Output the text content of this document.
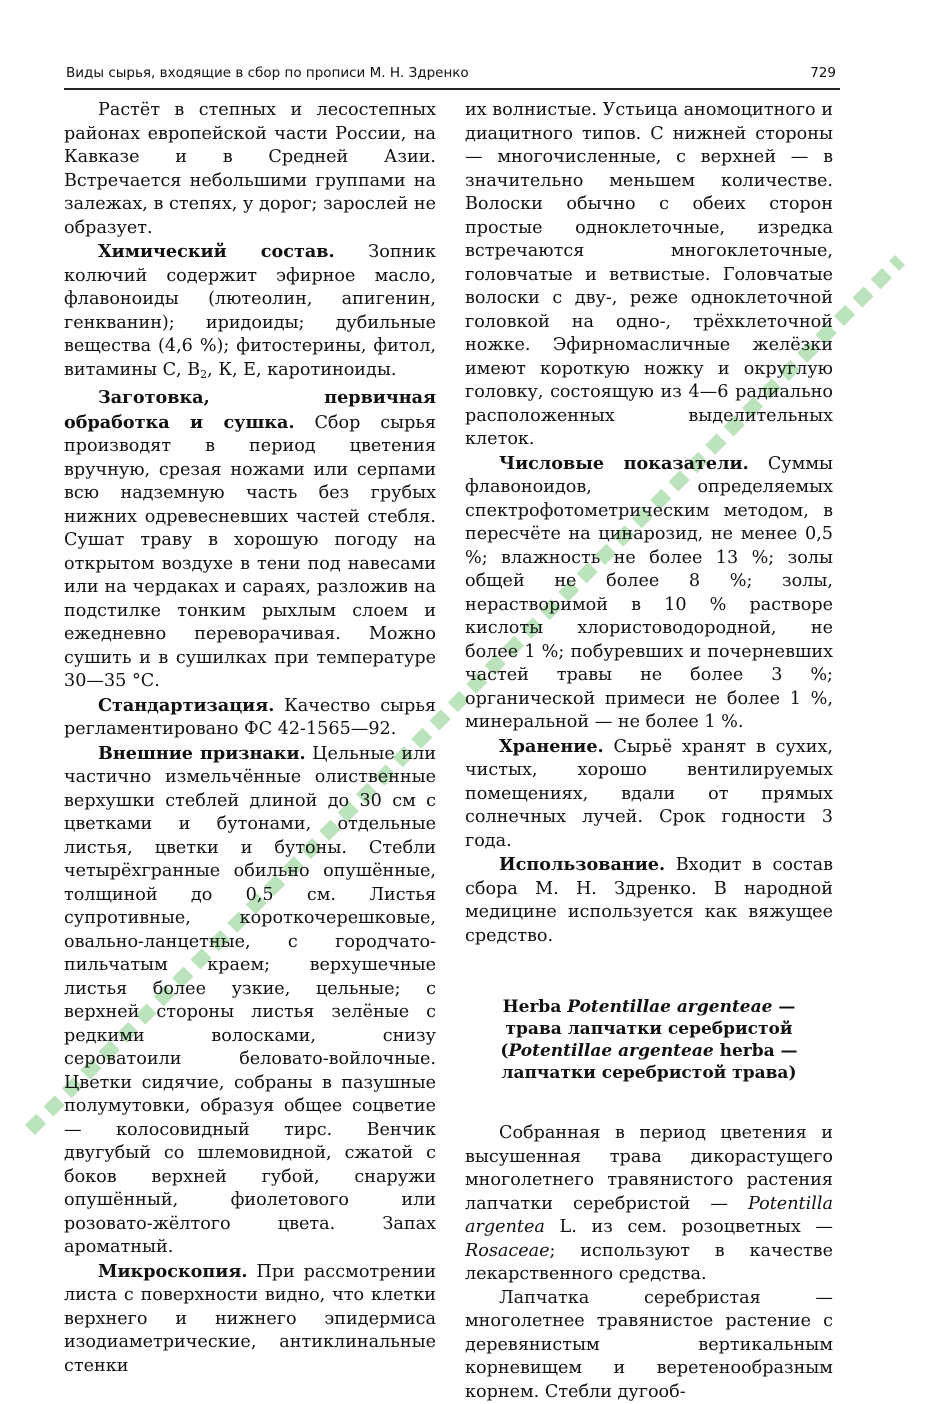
Виды сырья, входящие в сбор по прописи М. Н. Здренко	729

Растёт в степных и лесостепных районах европейской части России, на Кавказе и в Средней Азии. Встречается небольшими группами на залежах, в степях, у дорог; зарослей не образует.

Химический состав. Зопник колючий содержит эфирное масло, флавоноиды (лютеолин, апигенин, генкванин); иридоиды; дубильные вещества (4,6 %); фитостерины, фитол, витамины С, $В_2$, К, Е, каротиноиды.

Заготовка, первичная обработка и сушка. Сбор сырья производят в период цветения вручную, срезая ножами или серпами всю надземную часть без грубых нижних одревесневших частей стебля. Сушат траву в хорошую погоду на открытом воздухе в тени под навесами или на чердаках и сараях, разложив на подстилке тонким рыхлым слоем и ежедневно переворачивая. Можно сушить и в сушилках при температуре 30—35 °С.

Стандартизация. Качество сырья регламентировано ФС 42-1565—92.

Внешние признаки. Цельные или частично измельчённые олиственные верхушки стеблей длиной до 30 см с цветками и бутонами, отдельные листья, цветки и бутоны. Стебли четырёхгранные обильно опушённые, толщиной до 0,5 см. Листья супротивные, короткочерешковые, овально-ланцетные, с городчато-пильчатым краем; верхушечные листья более узкие, цельные; с верхней стороны листья зелёные с редкими волосками, снизу сероватоили беловато-войлочные. Цветки сидячие, собраны в пазушные полумутовки, образуя общее соцветие — колосовидный тирс. Венчик двугубый со шлемовидной, сжатой с боков верхней губой, снаружи опушённый, фиолетового или розовато-жёлтого цвета. Запах ароматный.

Микроскопия. При рассмотрении листа с поверхности видно, что клетки верхнего и нижнего эпидермиса изодиаметрические, антиклинальные стенки

их волнистые. Устьица аномоцитного и диацитного типов. С нижней стороны — многочисленные, с верхней — в значительно меньшем количестве. Волоски обычно с обеих сторон простые одноклеточные, изредка встречаются многоклеточные, головчатые и ветвистые. Головчатые волоски с дву-, реже одноклеточной головкой на одно-, трёхклеточной ножке. Эфирномасличные желёзки имеют короткую ножку и округлую головку, состоящую из 4—6 радиально расположенных выделительных клеток.

Числовые показатели. Суммы флавоноидов, определяемых спектрофотометрическим методом, в пересчёте на цинарозид, не менее 0,5 %; влажность не более 13 %; золы общей не более 8 %; золы, нерастворимой в 10 % растворе кислоты хлористоводородной, не более 1 %; побуревших и почерневших частей травы не более 3 %; органической примеси не более 1 %, минеральной — не более 1 %.

Хранение. Сырьё хранят в сухих, чистых, хорошо вентилируемых помещениях, вдали от прямых солнечных лучей. Срок годности 3 года.

Использование. Входит в состав сбора М. Н. Здренко. В народной медицине используется как вяжущее средство.

Herba Potentillae argenteae — трава лапчатки серебристой (Potentillae argenteae herba — лапчатки серебристой трава)

Собранная в период цветения и высушенная трава дикорастущего многолетнего травянистого растения лапчатки серебристой — Potentilla argentea L. из сем. розоцветных — Rosaceae; используют в качестве лекарственного средства.

Лапчатка серебристая — многолетнее травянистое растение с деревянистым вертикальным корневищем и веретенообразным корнем. Стебли дугооб-
